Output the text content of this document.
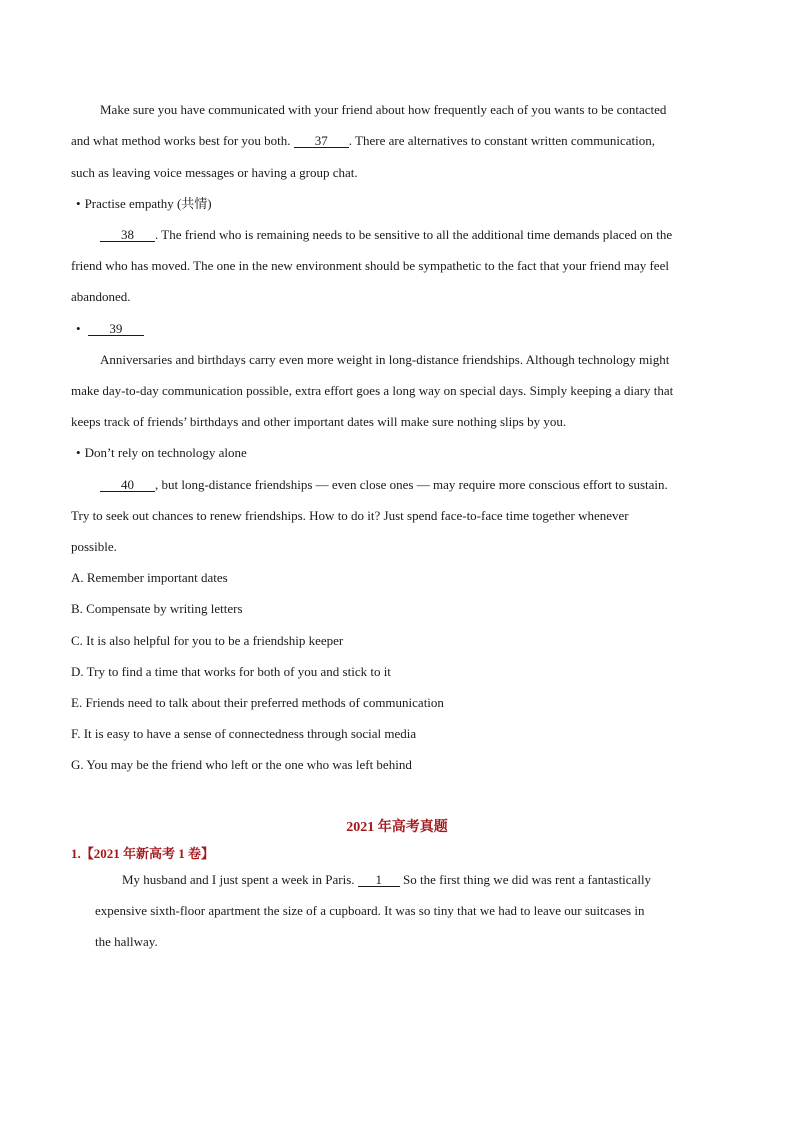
Make sure you have communicated with your friend about how frequently each of you wants to be contacted
and what method works best for you both. 37 . There are alternatives to constant written communication,
such as leaving voice messages or having a group chat.
• Practise empathy (共情)
38 . The friend who is remaining needs to be sensitive to all the additional time demands placed on the
friend who has moved. The one in the new environment should be sympathetic to the fact that your friend may feel
abandoned.
• 39
Anniversaries and birthdays carry even more weight in long-distance friendships. Although technology might
make day-to-day communication possible, extra effort goes a long way on special days. Simply keeping a diary that
keeps track of friends’ birthdays and other important dates will make sure nothing slips by you.
• Don’t rely on technology alone
40 , but long-distance friendships — even close ones — may require more conscious effort to sustain.
Try to seek out chances to renew friendships. How to do it? Just spend face-to-face time together whenever
possible.
A. Remember important dates
B. Compensate by writing letters
C. It is also helpful for you to be a friendship keeper
D. Try to find a time that works for both of you and stick to it
E. Friends need to talk about their preferred methods of communication
F. It is easy to have a sense of connectedness through social media
G. You may be the friend who left or the one who was left behind
2021 年高考真题
1.【2021 年新高考 1 卷】
My husband and I just spent a week in Paris. 1 So the first thing we did was rent a fantastically
expensive sixth-floor apartment the size of a cupboard. It was so tiny that we had to leave our suitcases in
the hallway.
